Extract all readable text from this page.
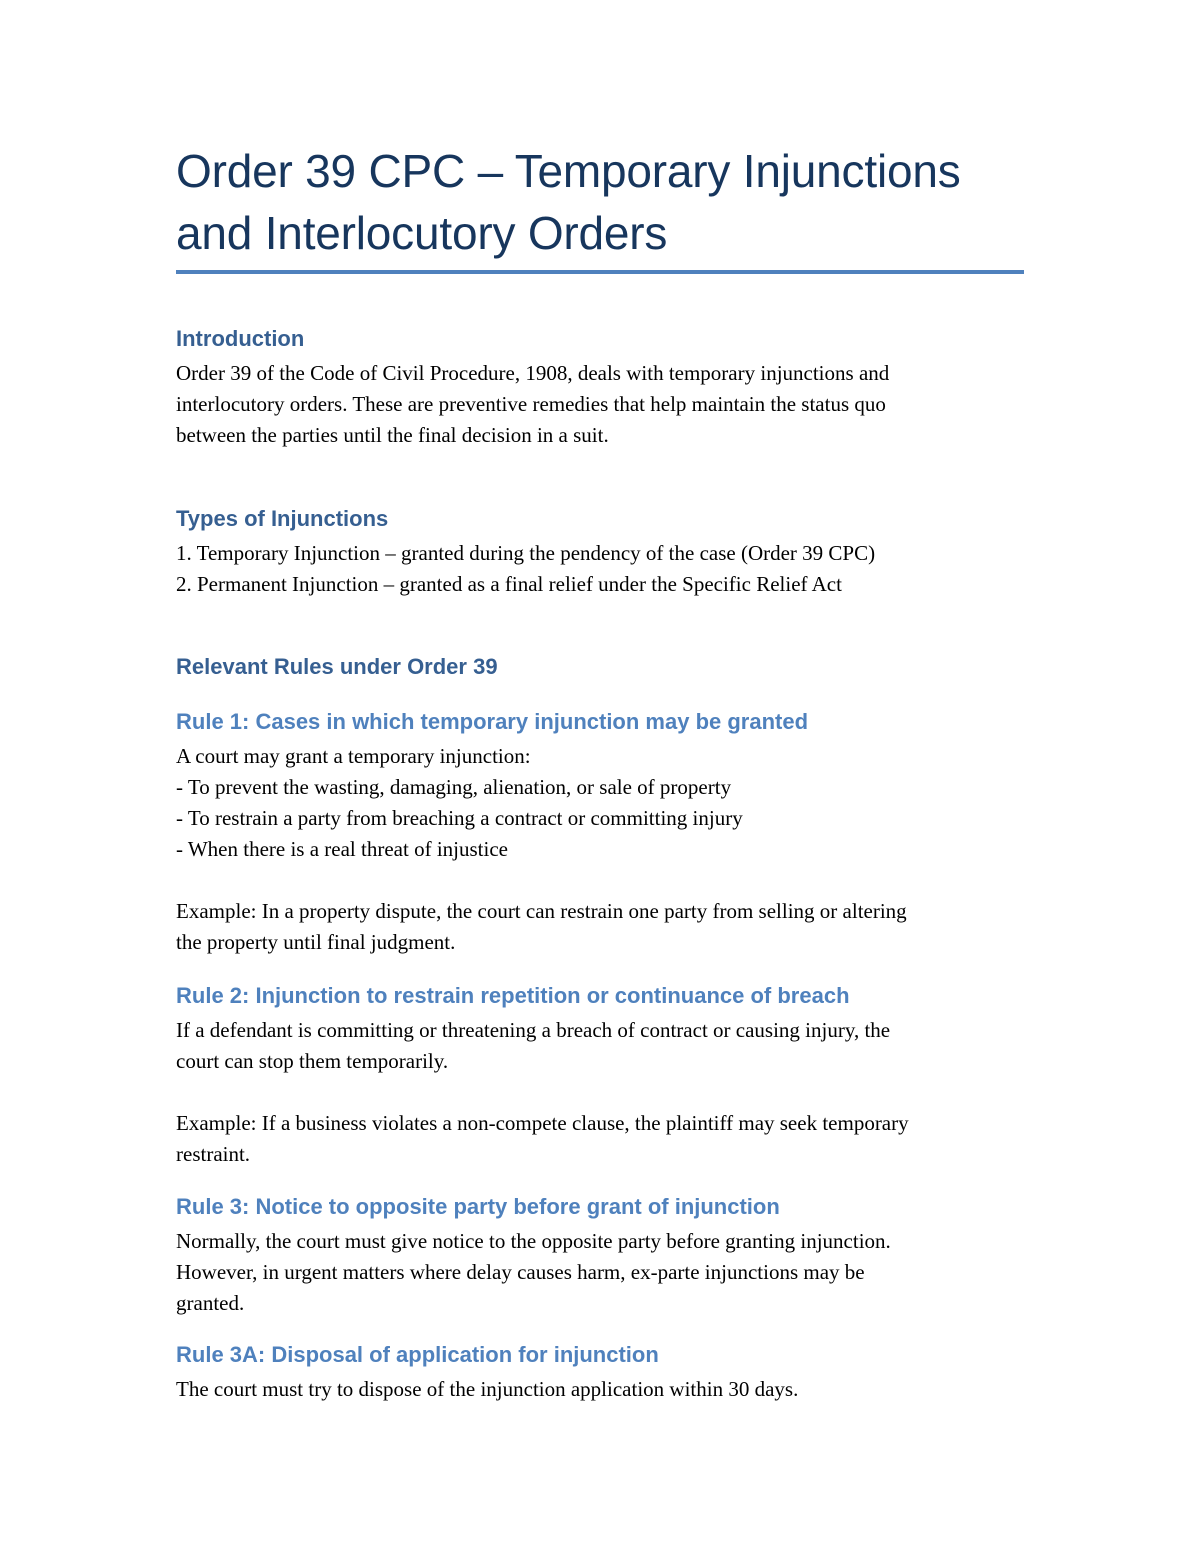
Order 39 CPC – Temporary Injunctions
and Interlocutory Orders
Introduction
Order 39 of the Code of Civil Procedure, 1908, deals with temporary injunctions and
interlocutory orders. These are preventive remedies that help maintain the status quo
between the parties until the final decision in a suit.
Types of Injunctions
1. Temporary Injunction – granted during the pendency of the case (Order 39 CPC)
2. Permanent Injunction – granted as a final relief under the Specific Relief Act
Relevant Rules under Order 39
Rule 1: Cases in which temporary injunction may be granted
A court may grant a temporary injunction:
- To prevent the wasting, damaging, alienation, or sale of property
- To restrain a party from breaching a contract or committing injury
- When there is a real threat of injustice
Example: In a property dispute, the court can restrain one party from selling or altering
the property until final judgment.
Rule 2: Injunction to restrain repetition or continuance of breach
If a defendant is committing or threatening a breach of contract or causing injury, the
court can stop them temporarily.
Example: If a business violates a non-compete clause, the plaintiff may seek temporary
restraint.
Rule 3: Notice to opposite party before grant of injunction
Normally, the court must give notice to the opposite party before granting injunction.
However, in urgent matters where delay causes harm, ex-parte injunctions may be
granted.
Rule 3A: Disposal of application for injunction
The court must try to dispose of the injunction application within 30 days.
